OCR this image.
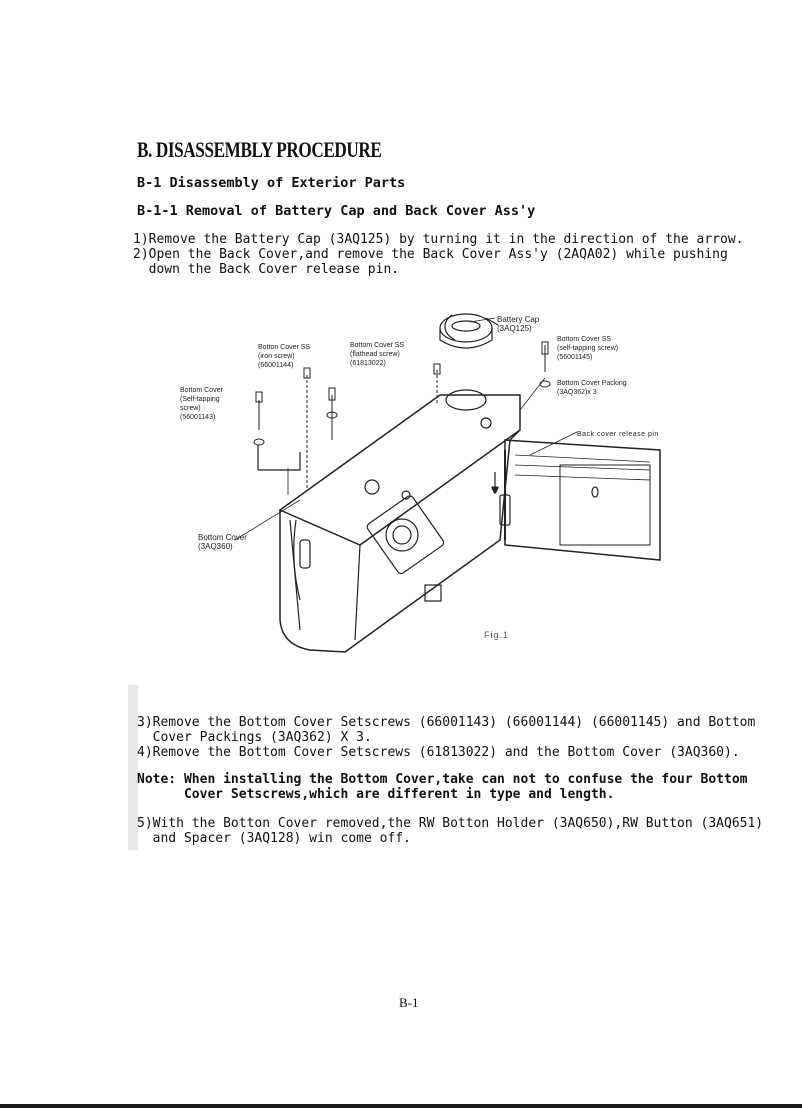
B. DISASSEMBLY PROCEDURE
B-1 Disassembly of Exterior Parts
B-1-1 Removal of Battery Cap and Back Cover Ass'y
1)Remove the Battery Cap (3AQ125) by turning it in the direction of the arrow.
2)Open the Back Cover,and remove the Back Cover Ass'y (2AQA02) while pushing
down the Back Cover release pin.
Battery Cap
(3AQ125)
Bottom Cover SS
(self-tapping screw)
(56001145)
Bottom Cover Packing
(3AQ362)x 3
Back cover release pin
Botton Cover SS
(iron screw)
(66001144)
Bottom Cover SS
(flathead screw)
(61813022)
Bottom Cover
(Self-tapping
screw)
(56001143)
Bottom Cover
(3AQ360)
Fig.1
3)Remove the Bottom Cover Setscrews (66001143) (66001144) (66001145) and Bottom
Cover Packings (3AQ362) X 3.
4)Remove the Bottom Cover Setscrews (61813022) and the Bottom Cover (3AQ360).
Note: When installing the Bottom Cover,take can not to confuse the four Bottom
Cover Setscrews,which are different in type and length.
5)With the Botton Cover removed,the RW Botton Holder (3AQ650),RW Button (3AQ651)
and Spacer (3AQ128) win come off.
B-1
